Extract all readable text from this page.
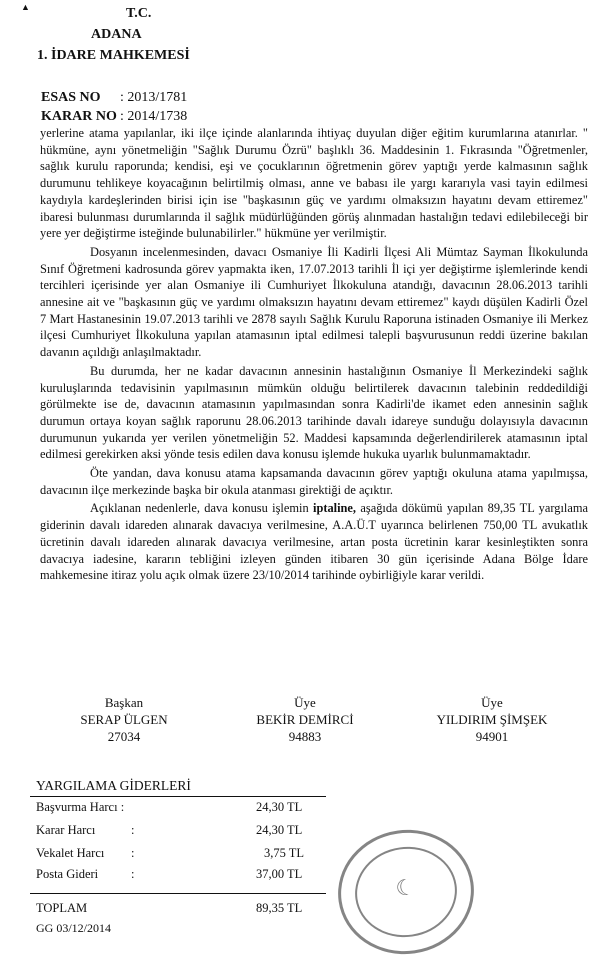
▲	T.C.
ADANA
1. İDARE MAHKEMESİ
ESAS NO : 2013/1781
KARAR NO : 2014/1738

yerlerine atama yapılanlar, iki ilçe içinde alanlarında ihtiyaç duyulan diğer eğitim kurumlarına atanırlar. " hükmüne, aynı yönetmeliğin "Sağlık Durumu Özrü" başlıklı 36. Maddesinin 1. Fıkrasında "Öğretmenler, sağlık kurulu raporunda; kendisi, eşi ve çocuklarının öğretmenin görev yaptığı yerde kalmasının sağlık durumunu tehlikeye koyacağının belirtilmiş olması, anne ve babası ile yargı kararıyla vasi tayin edilmesi kaydıyla kardeşlerinden birisi için ise "başkasının güç ve yardımı olmaksızın hayatını devam ettiremez" ibaresi bulunması durumlarında il sağlık müdürlüğünden görüş alınmadan hastalığın tedavi edilebileceği bir yere yer değiştirme isteğinde bulunabilirler." hükmüne yer verilmiştir.

Dosyanın incelenmesinden, davacı Osmaniye İli Kadirli İlçesi Ali Mümtaz Sayman İlkokulunda Sınıf Öğretmeni kadrosunda görev yapmakta iken, 17.07.2013 tarihli İl içi yer değiştirme işlemlerinde kendi tercihleri içerisinde yer alan Osmaniye ili Cumhuriyet İlkokuluna atandığı, davacının 28.06.2013 tarihli annesine ait ve "başkasının güç ve yardımı olmaksızın hayatını devam ettiremez" kaydı düşülen Kadirli Özel 7 Mart Hastanesinin 19.07.2013 tarihli ve 2878 sayılı Sağlık Kurulu Raporuna istinaden Osmaniye ili Merkez ilçesi Cumhuriyet İlkokuluna yapılan atamasının iptal edilmesi talepli başvurusunun reddi üzerine bakılan davanın açıldığı anlaşılmaktadır.

Bu durumda, her ne kadar davacının annesinin hastalığının Osmaniye İl Merkezindeki sağlık kuruluşlarında tedavisinin yapılmasının mümkün olduğu belirtilerek davacının talebinin reddedildiği görülmekte ise de, davacının atamasının yapılmasından sonra Kadirli'de ikamet eden annesinin sağlık durumun ortaya koyan sağlık raporunu 28.06.2013 tarihinde davalı idareye sunduğu dolayısıyla davacının durumunun yukarıda yer verilen yönetmeliğin 52. Maddesi kapsamında değerlendirilerek atamasının iptal edilmesi gerekirken aksi yönde tesis edilen dava konusu işlemde hukuka uyarlık bulunmamaktadır.

Öte yandan, dava konusu atama kapsamanda davacının görev yaptığı okuluna atama yapılmışsa, davacının ilçe merkezinde başka bir okula atanması girektiği de açıktır.

Açıklanan nedenlerle, dava konusu işlemin iptaline, aşağıda dökümü yapılan 89,35 TL yargılama giderinin davalı idareden alınarak davacıya verilmesine, A.A.Ü.T uyarınca belirlenen 750,00 TL avukatlık ücretinin davalı idareden alınarak davacıya verilmesine, artan posta ücretinin karar kesinleştikten sonra davacıya iadesine, kararın tebliğini izleyen günden itibaren 30 gün içerisinde Adana Bölge İdare mahkemesine itiraz yolu açık olmak üzere 23/10/2014 tarihinde oybirliğiyle karar verildi.

Başkan
SERAP ÜLGEN
27034
Üye
BEKİR DEMİRCİ
94883
Üye
YILDIRIM ŞİMŞEK
94901
YARGILAMA GİDERLERİ
Başvurma Harcı :	24,30 TL
Karar Harcı	:	24,30 TL
Vekalet Harcı :	3,75 TL
Posta Gideri	:	37,00 TL
TOPLAM	89,35 TL
GG 03/12/2014
☾
